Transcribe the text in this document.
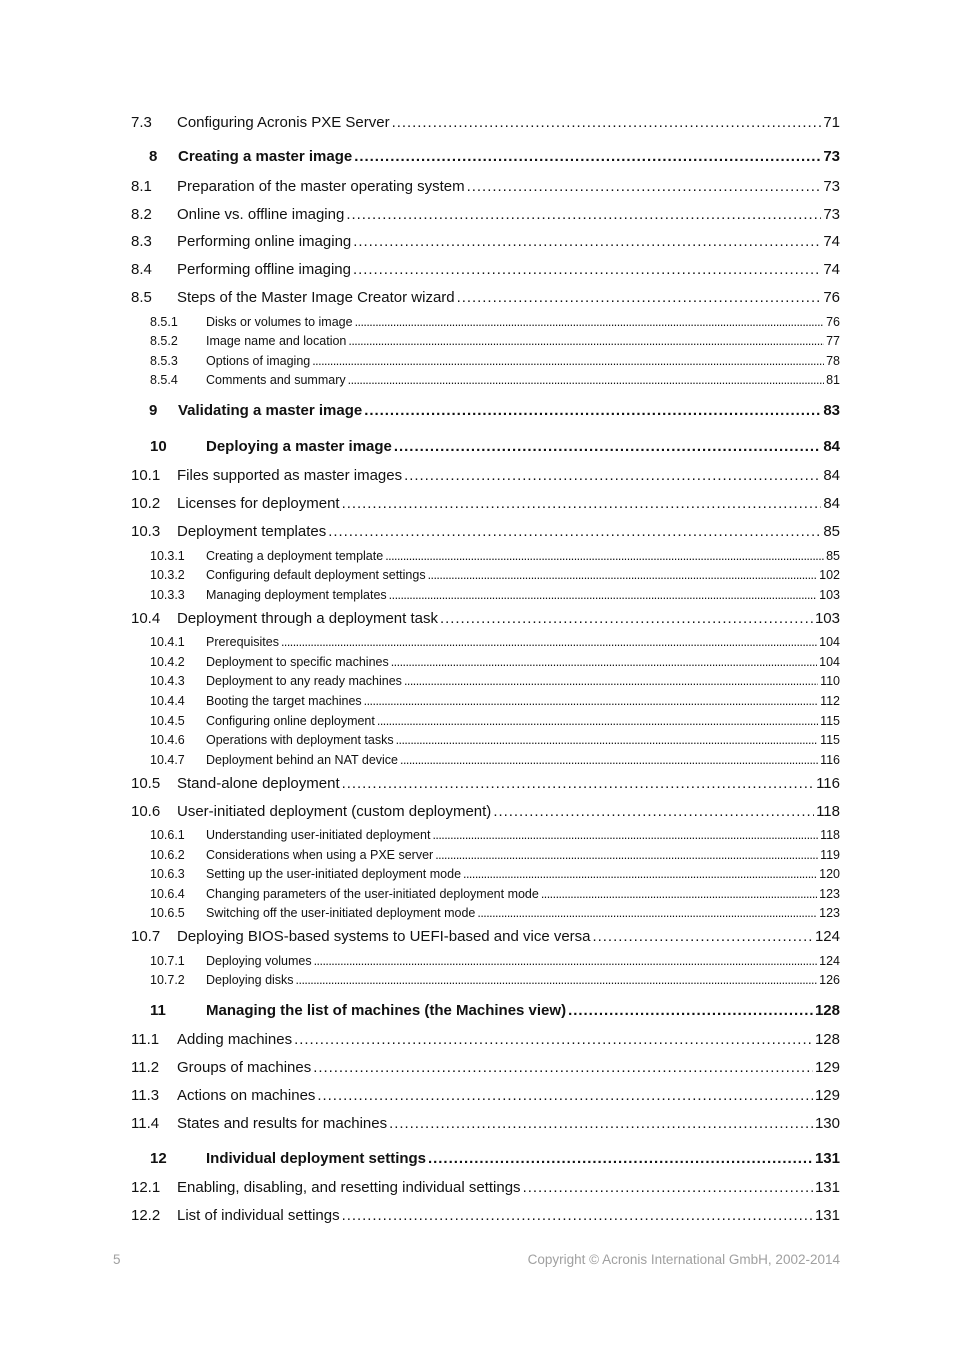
7.3	Configuring Acronis PXE Server . . .	71
8	Creating a master image . . .	73
8.1	Preparation of the master operating system . . .	73
8.2	Online vs. offline imaging . . .	73
8.3	Performing online imaging . . .	74
8.4	Performing offline imaging . . .	74
8.5	Steps of the Master Image Creator wizard . . .	76
8.5.1	Disks or volumes to image . . .	76
8.5.2	Image name and location . . .	77
8.5.3	Options of imaging . . .	78
8.5.4	Comments and summary . . .	81
9	Validating a master image . . .	83
10	Deploying a master image . . .	84
10.1	Files supported as master images . . .	84
10.2	Licenses for deployment . . .	84
10.3	Deployment templates . . .	85
10.3.1	Creating a deployment template . . .	85
10.3.2	Configuring default deployment settings . . .	102
10.3.3	Managing deployment templates . . .	103
10.4	Deployment through a deployment task . . .	103
10.4.1	Prerequisites . . .	104
10.4.2	Deployment to specific machines . . .	104
10.4.3	Deployment to any ready machines . . .	110
10.4.4	Booting the target machines . . .	112
10.4.5	Configuring online deployment . . .	115
10.4.6	Operations with deployment tasks . . .	115
10.4.7	Deployment behind an NAT device . . .	116
10.5	Stand-alone deployment . . .	116
10.6	User-initiated deployment (custom deployment) . . .	118
10.6.1	Understanding user-initiated deployment . . .	118
10.6.2	Considerations when using a PXE server . . .	119
10.6.3	Setting up the user-initiated deployment mode . . .	120
10.6.4	Changing parameters of the user-initiated deployment mode . . .	123
10.6.5	Switching off the user-initiated deployment mode . . .	123
10.7	Deploying BIOS-based systems to UEFI-based and vice versa . . .	124
10.7.1	Deploying volumes . . .	124
10.7.2	Deploying disks . . .	126
11	Managing the list of machines (the Machines view) . . .	128
11.1	Adding machines . . .	128
11.2	Groups of machines . . .	129
11.3	Actions on machines . . .	129
11.4	States and results for machines . . .	130
12	Individual deployment settings . . .	131
12.1	Enabling, disabling, and resetting individual settings . . .	131
12.2	List of individual settings . . .	131
5	Copyright © Acronis International GmbH, 2002-2014
